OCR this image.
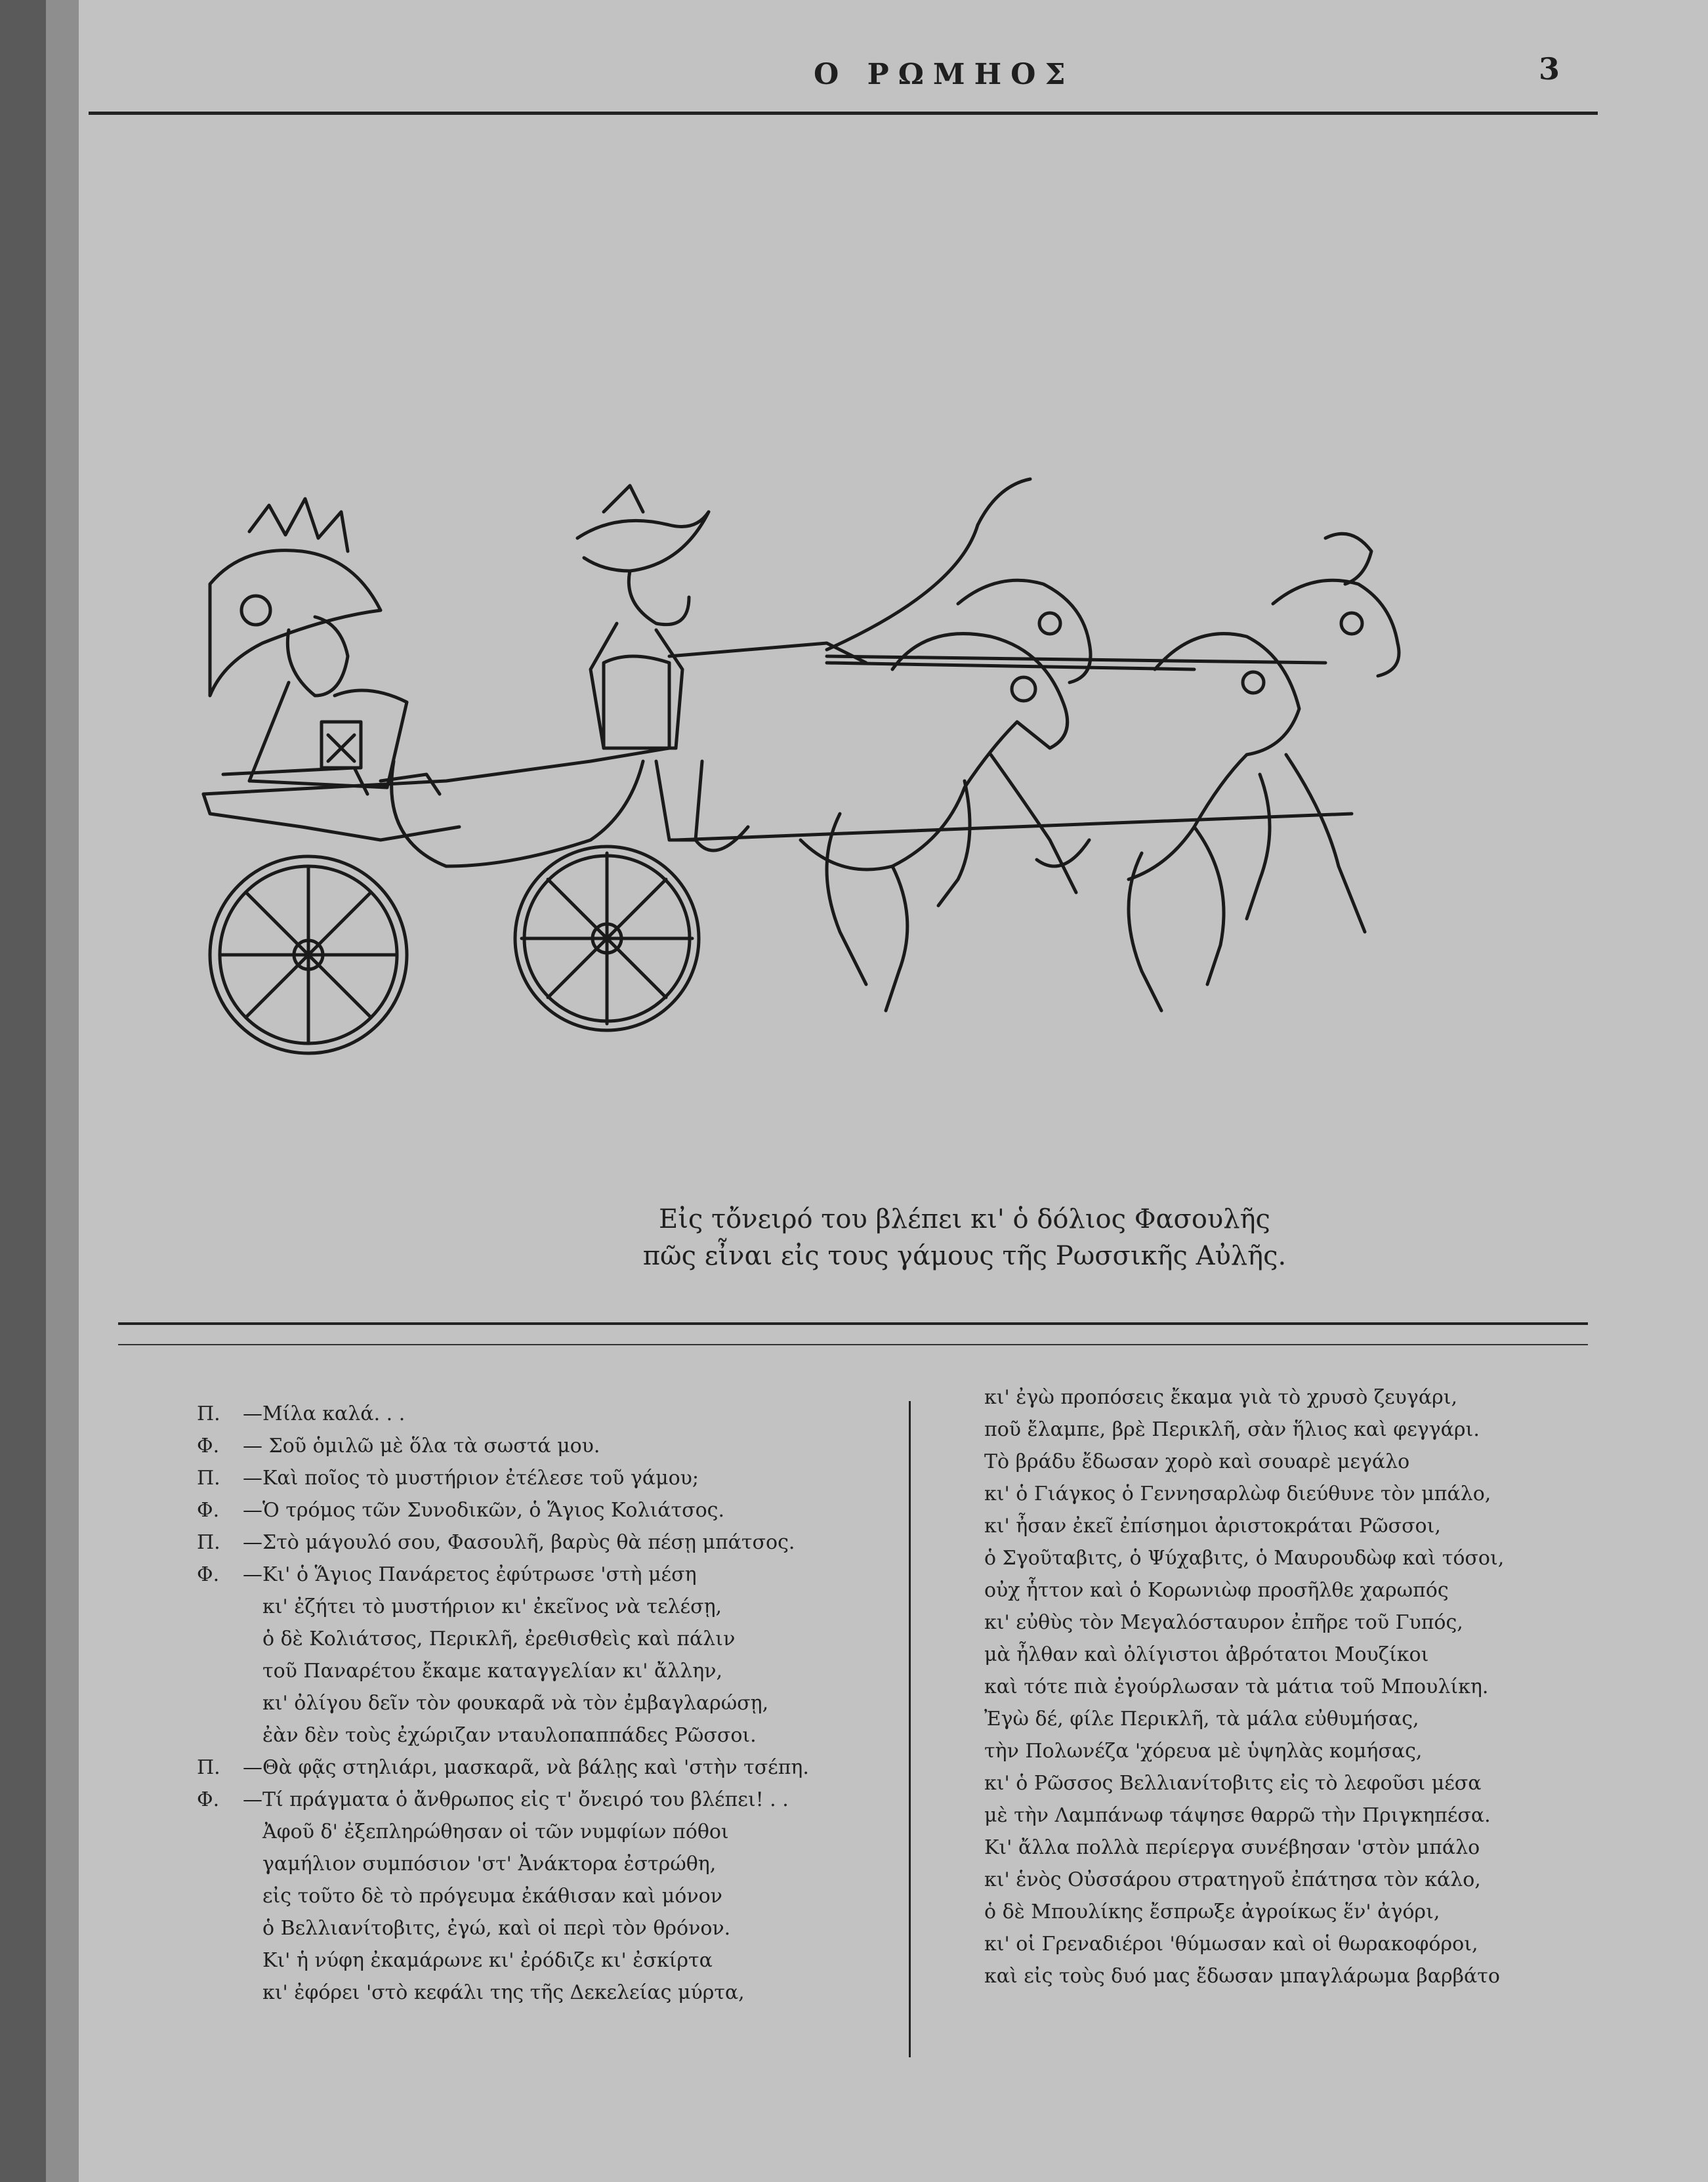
Ο ΡΩΜΗΟΣ	3
Εἰς τὄνειρό του βλέπει κι' ὁ δόλιος Φασουλῆς
πῶς εἶναι εἰς τους γάμους τῆς Ρωσσικῆς Αὐλῆς.
Π. —Μίλα καλά. . .
Φ. — Σοῦ ὁμιλῶ μὲ ὅλα τὰ σωστά μου.
Π. —Καὶ ποῖος τὸ μυστήριον ἐτέλεσε τοῦ γάμου;
Φ. —Ὁ τρόμος τῶν Συνοδικῶν, ὁ Ἅγιος Κολιάτσος.
Π. —Στὸ μάγουλό σου, Φασουλῆ, βαρὺς θὰ πέσῃ μπάτσος.
Φ. —Κι' ὁ Ἅγιος Πανάρετος ἐφύτρωσε 'στὴ μέση
κι' ἐζήτει τὸ μυστήριον κι' ἐκεῖνος νὰ τελέσῃ,
ὁ δὲ Κολιάτσος, Περικλῆ, ἐρεθισθεὶς καὶ πάλιν
τοῦ Παναρέτου ἔκαμε καταγγελίαν κι' ἄλλην,
κι' ὀλίγου δεῖν τὸν φουκαρᾶ νὰ τὸν ἐμβαγλαρώσῃ,
ἐὰν δὲν τοὺς ἐχώριζαν νταυλοπαππάδες Ρῶσσοι.
Π. —Θὰ φᾷς στηλιάρι, μασκαρᾶ, νὰ βάλῃς καὶ 'στὴν τσέπη.
Φ. —Τί πράγματα ὁ ἄνθρωπος εἰς τ' ὄνειρό του βλέπει! . .
Ἀφοῦ δ' ἐξεπληρώθησαν οἱ τῶν νυμφίων πόθοι
γαμήλιον συμπόσιον 'στ' Ἀνάκτορα ἐστρώθη,
εἰς τοῦτο δὲ τὸ πρόγευμα ἐκάθισαν καὶ μόνον
ὁ Βελλιανίτοβιτς, ἐγώ, καὶ οἱ περὶ τὸν θρόνον.
Κι' ἡ νύφη ἐκαμάρωνε κι' ἐρόδιζε κι' ἐσκίρτα
κι' ἐφόρει 'στὸ κεφάλι της τῆς Δεκελείας μύρτα,
κι' ἐγὼ προπόσεις ἔκαμα γιὰ τὸ χρυσὸ ζευγάρι,
ποῦ ἔλαμπε, βρὲ Περικλῆ, σὰν ἥλιος καὶ φεγγάρι.
Τὸ βράδυ ἔδωσαν χορὸ καὶ σουαρὲ μεγάλο
κι' ὁ Γιάγκος ὁ Γεννησαρλὼφ διεύθυνε τὸν μπάλο,
κι' ἦσαν ἐκεῖ ἐπίσημοι ἀριστοκράται Ρῶσσοι,
ὁ Σγοῦταβιτς, ὁ Ψύχαβιτς, ὁ Μαυρουδὼφ καὶ τόσοι,
οὐχ ἧττον καὶ ὁ Κορωνιὼφ προσῆλθε χαρωπός
κι' εὐθὺς τὸν Μεγαλόσταυρον ἐπῆρε τοῦ Γυπός,
μὰ ἦλθαν καὶ ὀλίγιστοι ἀβρότατοι Μουζίκοι
καὶ τότε πιὰ ἐγούρλωσαν τὰ μάτια τοῦ Μπουλίκη.
Ἐγὼ δέ, φίλε Περικλῆ, τὰ μάλα εὐθυμήσας,
τὴν Πολωνέζα 'χόρευα μὲ ὑψηλὰς κομήσας,
κι' ὁ Ρῶσσος Βελλιανίτοβιτς εἰς τὸ λεφοῦσι μέσα
μὲ τὴν Λαμπάνωφ τάψησε θαρρῶ τὴν Πριγκηπέσα.
Κι' ἄλλα πολλὰ περίεργα συνέβησαν 'στὸν μπάλο
κι' ἑνὸς Οὐσσάρου στρατηγοῦ ἐπάτησα τὸν κάλο,
ὁ δὲ Μπουλίκης ἔσπρωξε ἀγροίκως ἕν' ἀγόρι,
κι' οἱ Γρεναδιέροι 'θύμωσαν καὶ οἱ θωρακοφόροι,
καὶ εἰς τοὺς δυό μας ἔδωσαν μπαγλάρωμα βαρβάτο
